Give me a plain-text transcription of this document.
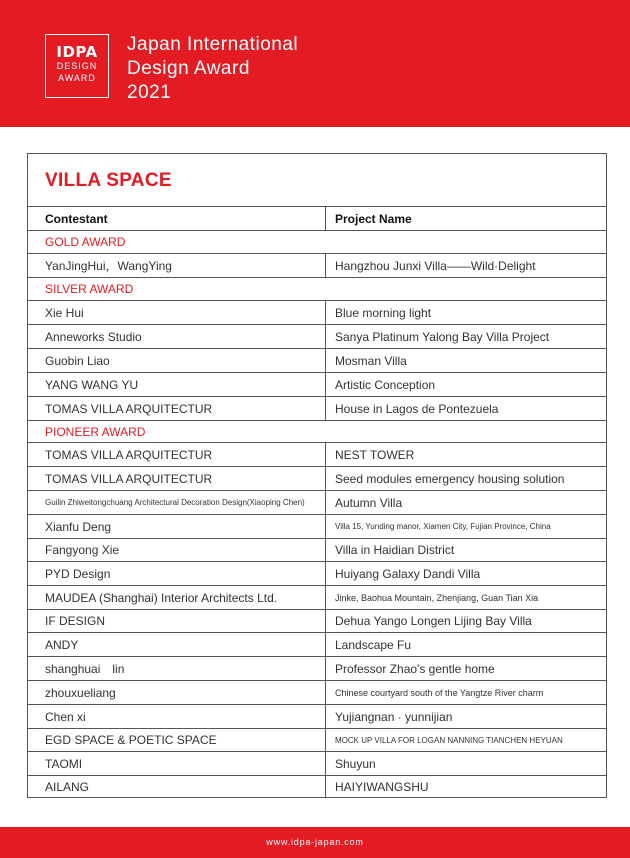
IDPA
DESIGN
AWARD
Japan International
Design Award
2021
VILLA SPACE
Contestant	Project Name
GOLD AWARD
YanJingHui，WangYing	Hangzhou Junxi Villa——Wild·Delight
SILVER AWARD
Xie Hui	Blue morning light
Anneworks Studio	Sanya Platinum Yalong Bay Villa Project
Guobin Liao	Mosman Villa
YANG WANG YU	Artistic Conception
TOMAS VILLA ARQUITECTUR	House in Lagos de Pontezuela
PIONEER AWARD
TOMAS VILLA ARQUITECTUR	NEST TOWER
TOMAS VILLA ARQUITECTUR	Seed modules emergency housing solution
Guilin Zhiweitongchuang Architectural Decoration Design(Xiaoping Chen)	Autumn Villa
Xianfu Deng	Villa 15, Yunding manor, Xiamen City, Fujian Province, China
Fangyong Xie	Villa in Haidian District
PYD Design	Huiyang Galaxy Dandi Villa
MAUDEA (Shanghai) Interior Architects Ltd.	Jinke, Baohua Mountain, Zhenjiang, Guan Tian Xia
IF DESIGN	Dehua Yango Longen Lijing Bay Villa
ANDY	Landscape Fu
shanghuai　lin	Professor Zhao's gentle home
zhouxueliang	Chinese courtyard south of the Yangtze River charm
Chen xi	Yujiangnan · yunnijian
EGD SPACE & POETIC SPACE	MOCK UP VILLA FOR LOGAN NANNING TIANCHEN HEYUAN
TAOMI	Shuyun
AILANG	HAIYIWANGSHU
www.idpa-japan.com
